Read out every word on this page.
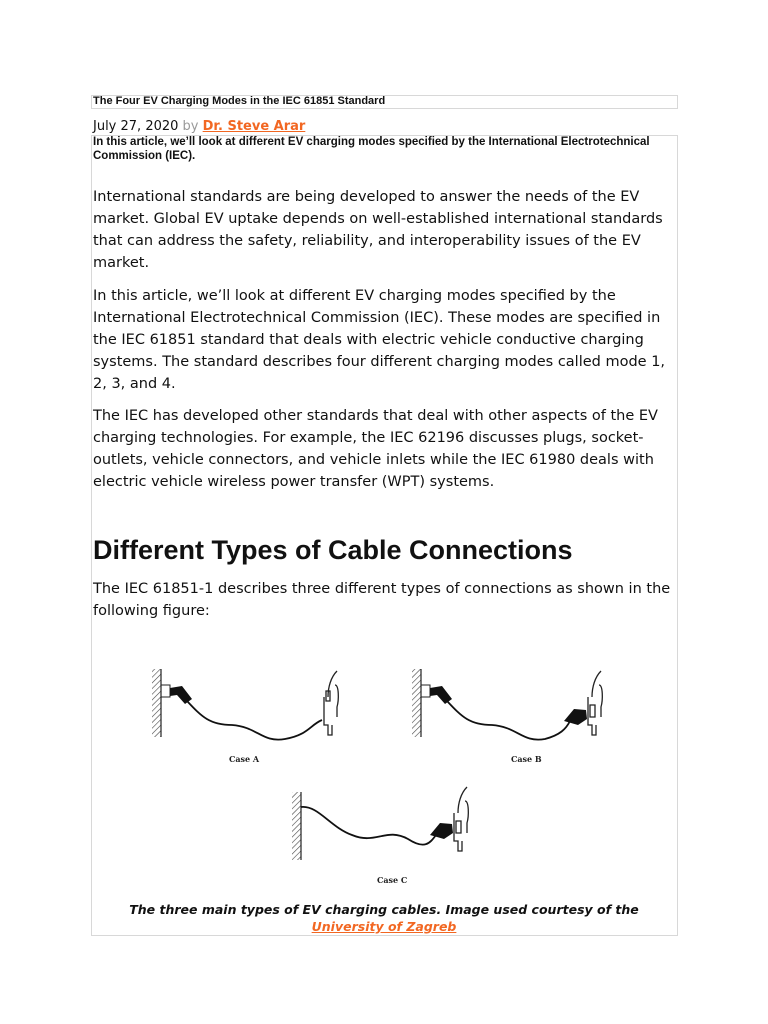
The Four EV Charging Modes in the IEC 61851 Standard
July 27, 2020 by Dr. Steve Arar
In this article, we’ll look at different EV charging modes specified by the International Electrotechnical Commission (IEC).

International standards are being developed to answer the needs of the EV market. Global EV uptake depends on well-established international standards that can address the safety, reliability, and interoperability issues of the EV market.

In this article, we’ll look at different EV charging modes specified by the International Electrotechnical Commission (IEC). These modes are specified in the IEC 61851 standard that deals with electric vehicle conductive charging systems. The standard describes four different charging modes called mode 1, 2, 3, and 4.

The IEC has developed other standards that deal with other aspects of the EV charging technologies. For example, the IEC 62196 discusses plugs, socket-outlets, vehicle connectors, and vehicle inlets while the IEC 61980 deals with electric vehicle wireless power transfer (WPT) systems.

Different Types of Cable Connections

The IEC 61851-1 describes three different types of connections as shown in the following figure:

Case A	Case B
Case C
The three main types of EV charging cables. Image used courtesy of the University of Zagreb
